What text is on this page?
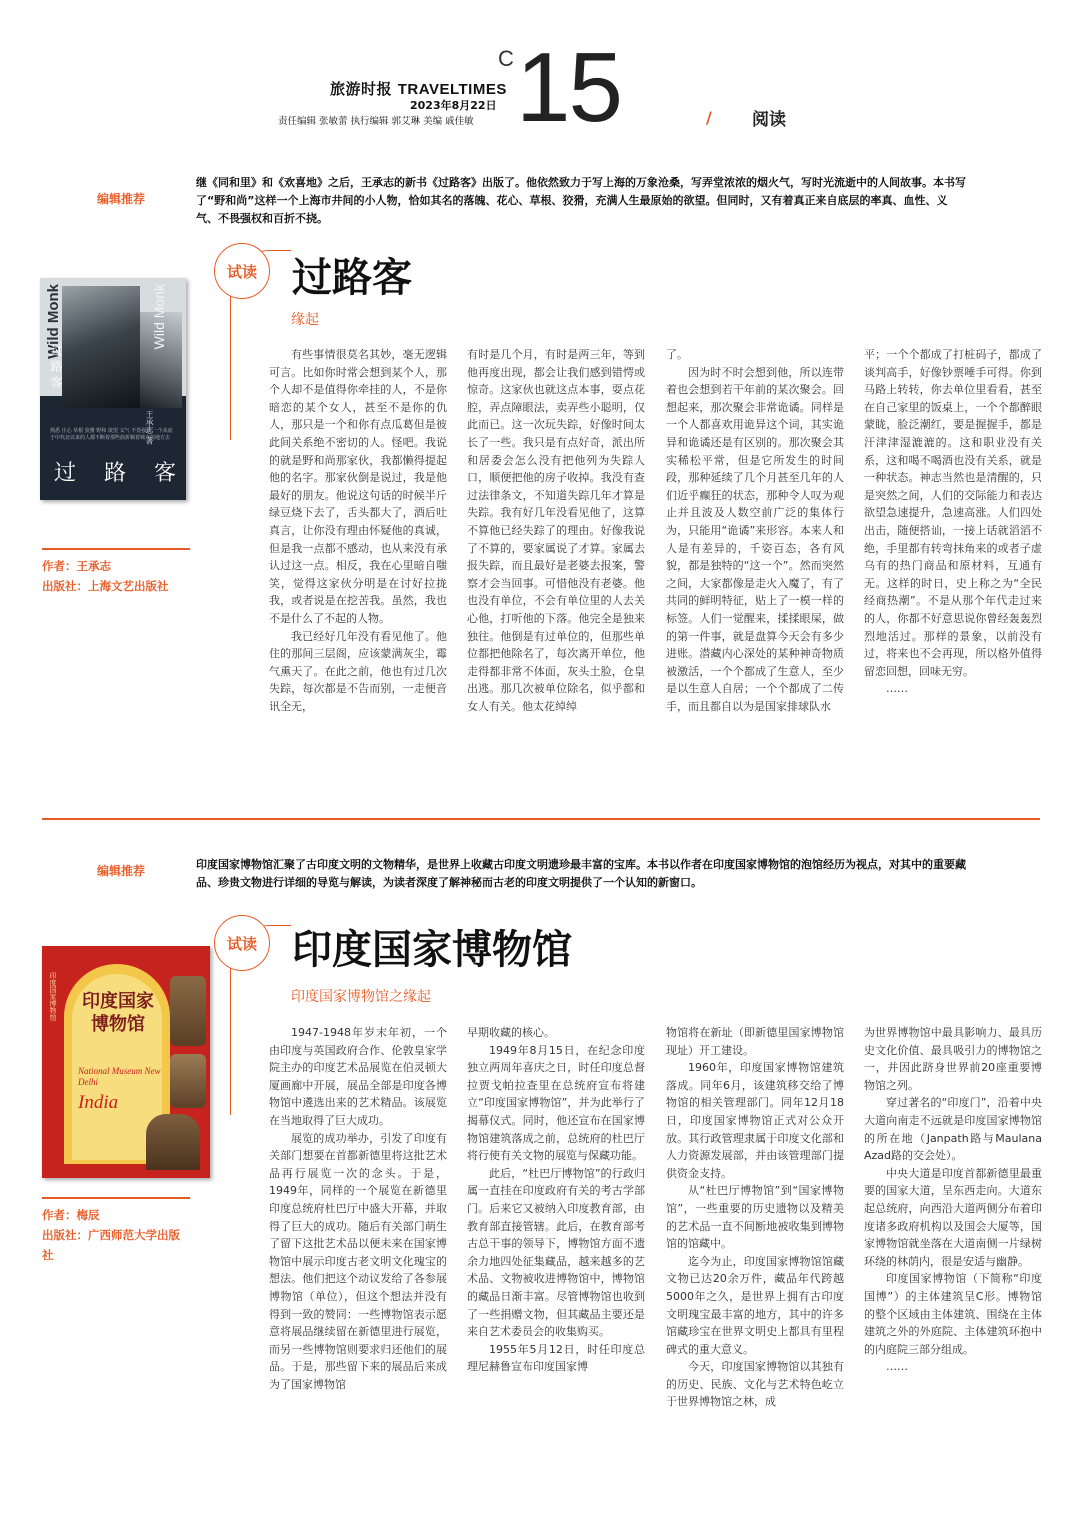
旅游时报 TRAVELTIMES
2023年8月22日
责任编辑 张敏蕾 执行编辑 郭艾琳 美编 戚佳敏
C 15	/ 阅读
编辑推荐
继《同和里》和《欢喜地》之后，王承志的新书《过路客》出版了。他依然致力于写上海的万象沧桑，写弄堂浓浓的烟火气，写时光流逝中的人间故事。本书写了“野和尚”这样一个上海市井间的小人物，恰如其名的落魄、花心、草根、狡猾，充满人生最原始的欲望。但同时，又有着真正来自底层的率真、血性、义气、不畏强权和百折不挠。
试读 过路客
缘起
Wild Monk	Wild Monk
过路客
王承志 著
熟悉 庄心 草根 狡猾 野和 欲望 义气 不畏强权 一个从底于中代北以来的人都不断着那些曲折顺着城市的地方去
过 路 客
作者：王承志
出版社：上海文艺出版社

有些事情很莫名其妙，毫无逻辑可言。比如你时常会想到某个人，那个人却不是值得你牵挂的人，不是你暗恋的某个女人，甚至不是你的仇人，那只是一个和你有点瓜葛但是彼此间关系绝不密切的人。怪吧。我说的就是野和尚那家伙，我都懒得提起他的名字。那家伙倒是说过，我是他最好的朋友。他说这句话的时候半斤绿豆烧下去了，舌头都大了，酒后吐真言，让你没有理由怀疑他的真诚，但是我一点都不感动，也从来没有承认过这一点。相反，我在心里暗自嗤笑，觉得这家伙分明是在讨好拉拢我，或者说是在挖苦我。虽然，我也不是什么了不起的人物。

我已经好几年没有看见他了。他住的那间三层阁，应该蒙满灰尘，霉气熏天了。在此之前，他也有过几次失踪，每次都是不告而别，一走便音讯全无，

有时是几个月，有时是两三年，等到他再度出现，都会让我们感到错愕或惊奇。这家伙也就这点本事，耍点花腔，弄点障眼法，卖弄些小聪明，仅此而已。这一次玩失踪，好像时间太长了一些。我只是有点好奇，派出所和居委会怎么没有把他列为失踪人口，顺便把他的房子收掉。我没有查过法律条文，不知道失踪几年才算是失踪。我有好几年没看见他了，这算不算他已经失踪了的理由。好像我说了不算的，要家属说了才算。家属去报失踪，而且最好是老婆去报案，警察才会当回事。可惜他没有老婆。他也没有单位，不会有单位里的人去关心他，打听他的下落。他完全是独来独往。他倒是有过单位的，但那些单位都把他除名了，每次离开单位，他走得都非常不体面，灰头土脸，仓皇出逃。那几次被单位除名，似乎都和女人有关。他太花绰绰

了。

因为时不时会想到他，所以连带着也会想到若干年前的某次聚会。回想起来，那次聚会非常诡谲。同样是一个人都喜欢用诡异这个词，其实诡异和诡谲还是有区别的。那次聚会其实稀松平常，但是它所发生的时间段，那种延续了几个月甚至几年的人们近乎癫狂的状态，那种令人叹为观止并且波及人数空前广泛的集体行为，只能用“诡谲”来形容。本来人和人是有差异的，千姿百态，各有风貌，都是独特的“这一个”。然而突然之间，大家都像是走火入魔了，有了共同的鲜明特征，贴上了一模一样的标签。人们一觉醒来，揉揉眼屎，做的第一件事，就是盘算今天会有多少进账。潜藏内心深处的某种神奇物质被激活，一个个都成了生意人，至少是以生意人自居；一个个都成了二传手，而且都自以为是国家排球队水

平；一个个都成了打桩码子，都成了谈判高手，好像钞票唾手可得。你到马路上转转，你去单位里看看，甚至在自己家里的饭桌上，一个个都醉眼蒙眬，脸泛潮红，要是握握手，都是汗津津湿漉漉的。这和职业没有关系，这和喝不喝酒也没有关系，就是一种状态。神志当然也是清醒的，只是突然之间，人们的交际能力和表达欲望急速提升，急速高涨。人们四处出击，随便搭讪，一接上话就滔滔不绝，手里都有转弯抹角来的或者子虚乌有的热门商品和原材料，互通有无。这样的时日，史上称之为“全民经商热潮”。不是从那个年代走过来的人，你都不好意思说你曾经轰轰烈烈地活过。那样的景象，以前没有过，将来也不会再现，所以格外值得留恋回想，回味无穷。

……

编辑推荐	印度国家博物馆汇聚了古印度文明的文物精华，是世界上收藏古印度文明遗珍最丰富的宝库。本书以作者在印度国家博物馆的泡馆经历为视点，对其中的重要藏品、珍贵文物进行详细的导览与解读，为读者深度了解神秘而古老的印度文明提供了一个认知的新窗口。
试读 印度国家博物馆
印度国家博物馆之缘起
印度国家博物馆
National Museum New Delhi
India
印度国家博物馆
作者：梅辰
出版社：广西师范大学出版社

1947-1948年岁末年初，一个由印度与英国政府合作、伦敦皇家学院主办的印度艺术品展览在伯灵顿大厦画廊中开展，展品全部是印度各博物馆中遴选出来的艺术精品。该展览在当地取得了巨大成功。

展览的成功举办，引发了印度有关部门想要在首都新德里将这批艺术品再行展览一次的念头。于是，1949年，同样的一个展览在新德里印度总统府杜巴厅中盛大开幕，并取得了巨大的成功。随后有关部门萌生了留下这批艺术品以便未来在国家博物馆中展示印度古老文明文化瑰宝的想法。他们把这个动议发给了各参展博物馆（单位），但这个想法并没有得到一致的赞同：一些博物馆表示愿意将展品继续留在新德里进行展览，而另一些博物馆则要求归还他们的展品。于是，那些留下来的展品后来成为了国家博物馆

早期收藏的核心。

1949年8月15日，在纪念印度独立两周年喜庆之日，时任印度总督拉贾戈帕拉查里在总统府宣布将建立“印度国家博物馆”，并为此举行了揭幕仪式。同时，他还宣布在国家博物馆建筑落成之前，总统府的杜巴厅将行使有关文物的展览与保藏功能。

此后，“杜巴厅博物馆”的行政归属一直挂在印度政府有关的考古学部门。后来它又被纳入印度教育部，由教育部直接管辖。此后，在教育部考古总干事的领导下，博物馆方面不遗余力地四处征集藏品，越来越多的艺术品、文物被收进博物馆中，博物馆的藏品日渐丰富。尽管博物馆也收到了一些捐赠文物，但其藏品主要还是来自艺术委员会的收集购买。

1955年5月12日，时任印度总理尼赫鲁宣布印度国家博

物馆将在新址（即新德里国家博物馆现址）开工建设。

1960年，印度国家博物馆建筑落成。同年6月，该建筑移交给了博物馆的相关管理部门。同年12月18日，印度国家博物馆正式对公众开放。其行政管理隶属于印度文化部和人力资源发展部，并由该管理部门提供资金支持。

从“杜巴厅博物馆”到“国家博物馆”，一些重要的历史遗物以及精美的艺术品一直不间断地被收集到博物馆的馆藏中。

迄今为止，印度国家博物馆馆藏文物已达20余万件，藏品年代跨越5000年之久，是世界上拥有古印度文明瑰宝最丰富的地方，其中的许多馆藏珍宝在世界文明史上都具有里程碑式的重大意义。

今天，印度国家博物馆以其独有的历史、民族、文化与艺术特色屹立于世界博物馆之林，成

为世界博物馆中最具影响力、最具历史文化价值、最具吸引力的博物馆之一，并因此跻身世界前20座重要博物馆之列。

穿过著名的“印度门”，沿着中央大道向南走不远就是印度国家博物馆的所在地（Janpath路与Maulana Azad路的交会处）。

中央大道是印度首都新德里最重要的国家大道，呈东西走向。大道东起总统府，向西沿大道两侧分布着印度诸多政府机构以及国会大厦等，国家博物馆就坐落在大道南侧一片绿树环绕的林荫内，很是安适与幽静。

印度国家博物馆（下简称“印度国博”）的主体建筑呈C形。博物馆的整个区域由主体建筑、围绕在主体建筑之外的外庭院、主体建筑环抱中的内庭院三部分组成。

……
